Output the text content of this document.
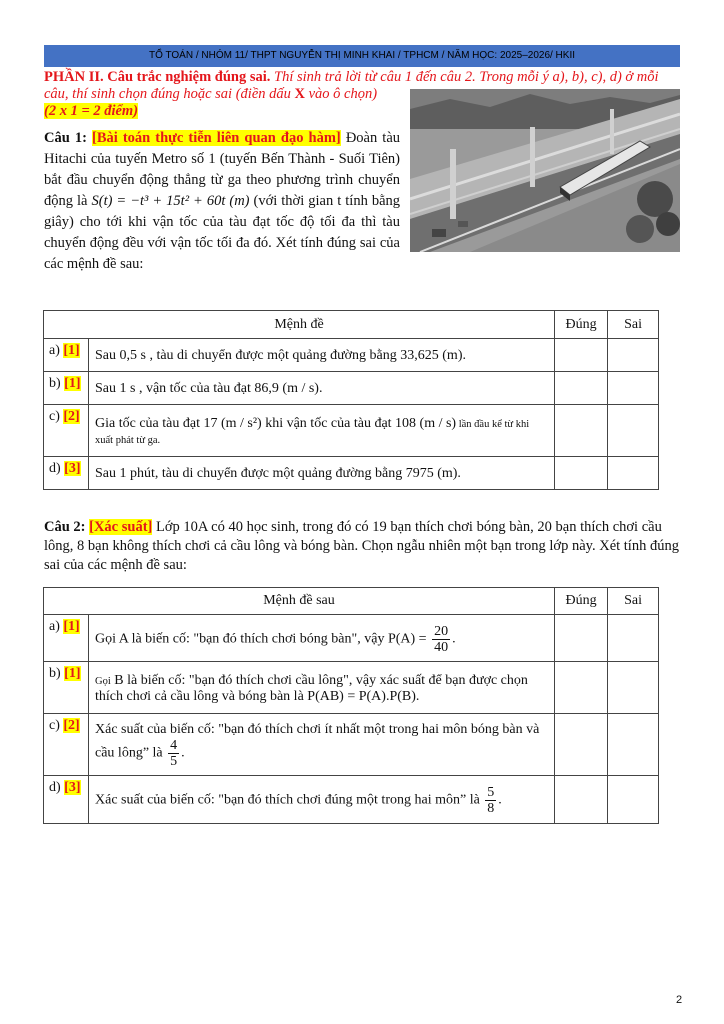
TỔ TOÁN / NHÓM 11/ THPT NGUYỄN THỊ MINH KHAI / TPHCM / NĂM HỌC: 2025–2026/ HKII
PHẦN II. Câu trắc nghiệm đúng sai. Thí sinh trả lời từ câu 1 đến câu 2. Trong mỗi ý a), b), c), d) ở mỗi câu, thí sinh chọn đúng hoặc sai (điền dấu X vào ô chọn)
(2 x 1 = 2 điểm)
Câu 1: [Bài toán thực tiễn liên quan đạo hàm] Đoàn tàu Hitachi của tuyến Metro số 1 (tuyến Bến Thành - Suối Tiên) bắt đầu chuyển động thẳng từ ga theo phương trình chuyển động là S(t) = −t³ + 15t² + 60t (m) (với thời gian t tính bằng giây) cho tới khi vận tốc của tàu đạt tốc độ tối đa thì tàu chuyển động đều với vận tốc tối đa đó. Xét tính đúng sai của các mệnh đề sau:
Mệnh đề		Đúng	Sai
a) [1]	Sau 0,5 s , tàu di chuyển được một quảng đường bằng 33,625 (m).		
b) [1]	Sau 1 s , vận tốc của tàu đạt 86,9 (m / s).		
c) [2]	Gia tốc của tàu đạt 17 (m / s²) khi vận tốc của tàu đạt 108 (m / s) lần đầu kể từ khi xuất phát từ ga.		
d) [3]	Sau 1 phút, tàu di chuyển được một quảng đường bằng 7975 (m).		
Câu 2: [Xác suất] Lớp 10A có 40 học sinh, trong đó có 19 bạn thích chơi bóng bàn, 20 bạn thích chơi cầu lông, 8 bạn không thích chơi cả cầu lông và bóng bàn. Chọn ngẫu nhiên một bạn trong lớp này. Xét tính đúng sai của các mệnh đề sau:
Mệnh đề sau		Đúng	Sai
a) [1]	Gọi A là biến cố: "bạn đó thích chơi bóng bàn", vậy $P(A) = \frac{20}{40}$ .		
b) [1]	Gọi B là biến cố: "bạn đó thích chơi cầu lông", vậy xác suất để bạn được chọn thích chơi cả cầu lông và bóng bàn là P(AB) = P(A).P(B).		
c) [2]	Xác suất của biến cố: "bạn đó thích chơi ít nhất một trong hai môn bóng bàn và cầu lông” là $\frac{4}{5}$ .		
d) [3]	Xác suất của biến cố: "bạn đó thích chơi đúng một trong hai môn” là $\frac{5}{8}$ .		
2
